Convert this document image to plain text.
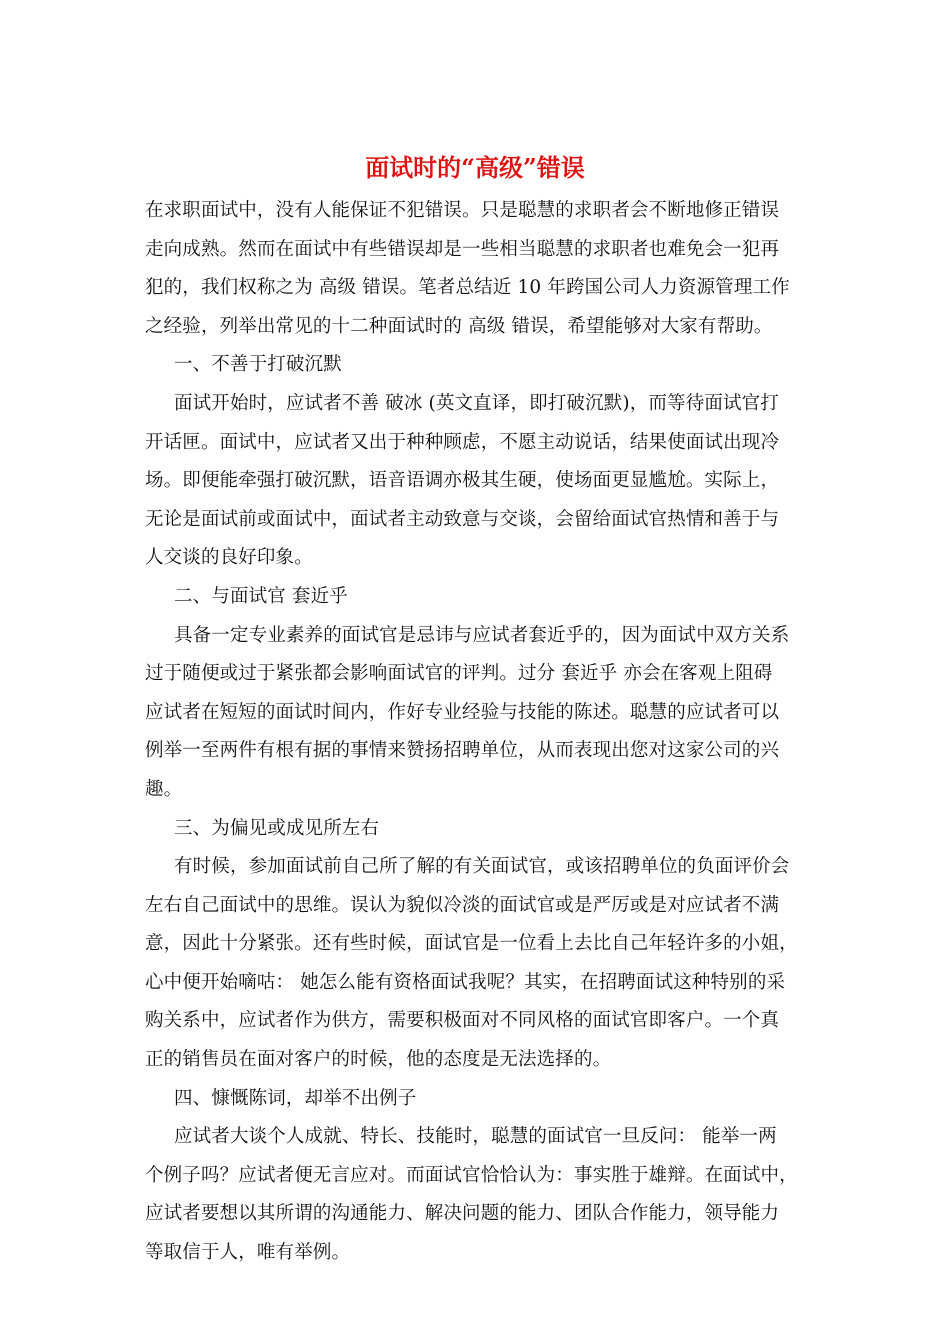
面试时的“高级”错误
在求职面试中，没有人能保证不犯错误。只是聪慧的求职者会不断地修正错误
走向成熟。然而在面试中有些错误却是一些相当聪慧的求职者也难免会一犯再
犯的，我们权称之为 高级 错误。笔者总结近 10 年跨国公司人力资源管理工作
之经验，列举出常见的十二种面试时的 高级 错误，希望能够对大家有帮助。
一、不善于打破沉默
面试开始时，应试者不善 破冰 (英文直译，即打破沉默)，而等待面试官打
开话匣。面试中，应试者又出于种种顾虑，不愿主动说话，结果使面试出现冷
场。即便能牵强打破沉默，语音语调亦极其生硬，使场面更显尴尬。实际上，
无论是面试前或面试中，面试者主动致意与交谈，会留给面试官热情和善于与
人交谈的良好印象。
二、与面试官 套近乎
具备一定专业素养的面试官是忌讳与应试者套近乎的，因为面试中双方关系
过于随便或过于紧张都会影响面试官的评判。过分 套近乎 亦会在客观上阻碍
应试者在短短的面试时间内，作好专业经验与技能的陈述。聪慧的应试者可以
例举一至两件有根有据的事情来赞扬招聘单位，从而表现出您对这家公司的兴
趣。
三、为偏见或成见所左右
有时候，参加面试前自己所了解的有关面试官，或该招聘单位的负面评价会
左右自己面试中的思维。误认为貌似冷淡的面试官或是严厉或是对应试者不满
意，因此十分紧张。还有些时候，面试官是一位看上去比自己年轻许多的小姐，
心中便开始嘀咕： 她怎么能有资格面试我呢？其实，在招聘面试这种特别的采
购关系中，应试者作为供方，需要积极面对不同风格的面试官即客户。一个真
正的销售员在面对客户的时候，他的态度是无法选择的。
四、慷慨陈词，却举不出例子
应试者大谈个人成就、特长、技能时，聪慧的面试官一旦反问： 能举一两
个例子吗？应试者便无言应对。而面试官恰恰认为：事实胜于雄辩。在面试中，
应试者要想以其所谓的沟通能力、解决问题的能力、团队合作能力，领导能力
等取信于人，唯有举例。
